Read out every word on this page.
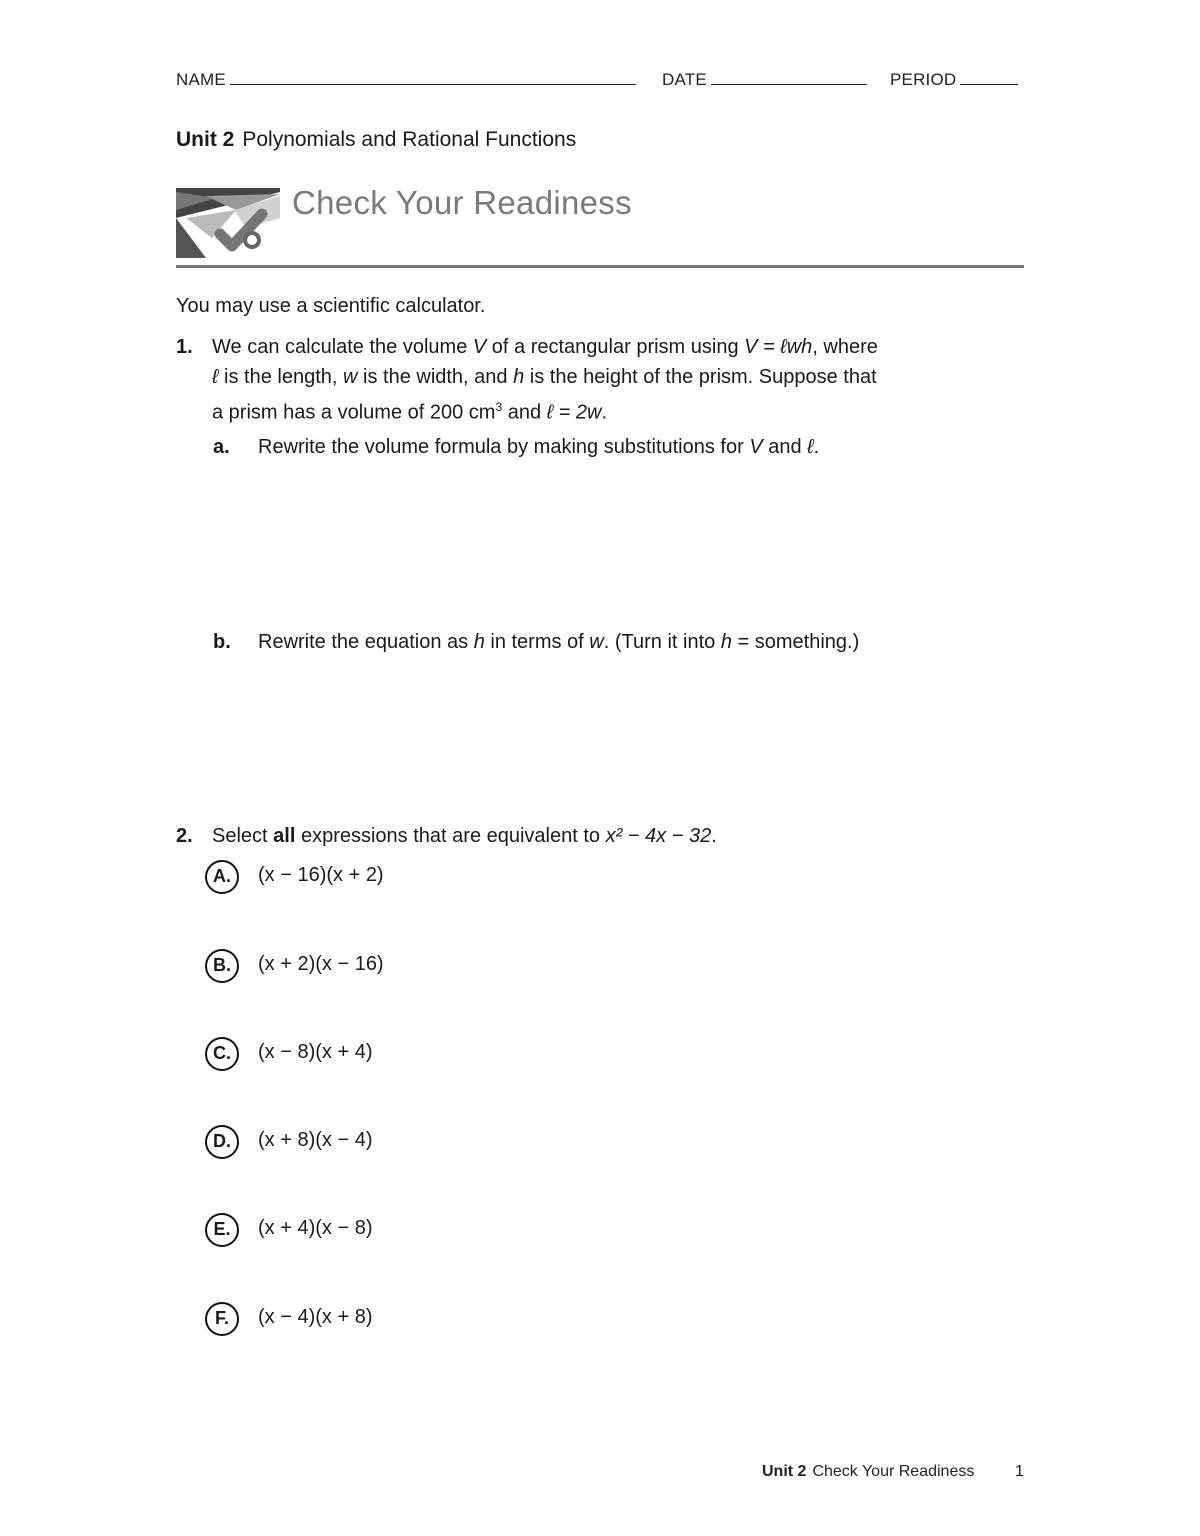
NAME	DATE	PERIOD
Unit 2 Polynomials and Rational Functions
Check Your Readiness
You may use a scientific calculator.
1. We can calculate the volume V of a rectangular prism using V = ℓwh, where
ℓ is the length, w is the width, and h is the height of the prism. Suppose that
a prism has a volume of 200 $cm^3$ and ℓ = 2w.
a. Rewrite the volume formula by making substitutions for V and ℓ.
b. Rewrite the equation as h in terms of w. (Turn it into h = something.)
2. Select all expressions that are equivalent to x² − 4x − 32.
A.	(x − 16)(x + 2)
B.	(x + 2)(x − 16)
C.	(x − 8)(x + 4)
D.	(x + 8)(x − 4)
E.	(x + 4)(x − 8)
F.	(x − 4)(x + 8)
Unit 2 Check Your Readiness	1
